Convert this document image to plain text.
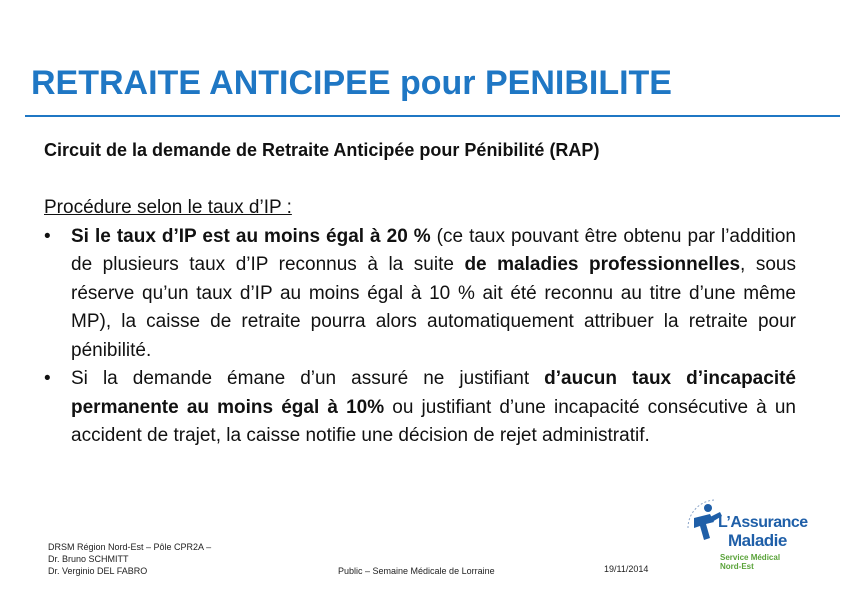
RETRAITE ANTICIPEE pour PENIBILITE

Circuit de la demande de Retraite Anticipée pour Pénibilité (RAP)

Procédure selon le taux d’IP :
• Si le taux d’IP est au moins égal à 20 % (ce taux pouvant être obtenu par l’addition de plusieurs taux d’IP reconnus à la suite de maladies professionnelles, sous réserve qu’un taux d’IP au moins égal à 10 % ait été reconnu au titre d’une même MP), la caisse de retraite pourra alors automatiquement attribuer la retraite pour pénibilité.
• Si la demande émane d’un assuré ne justifiant d’aucun taux d’incapacité permanente au moins égal à 10% ou justifiant d’une incapacité consécutive à un accident de trajet, la caisse notifie une décision de rejet administratif.
DRSM Région Nord-Est – Pôle CPR2A –
Dr. Bruno SCHMITT
Dr. Verginio DEL FABRO	Public – Semaine Médicale de Lorraine	19/11/2014
L’Assurance
Maladie
Service Médical
Nord-Est
